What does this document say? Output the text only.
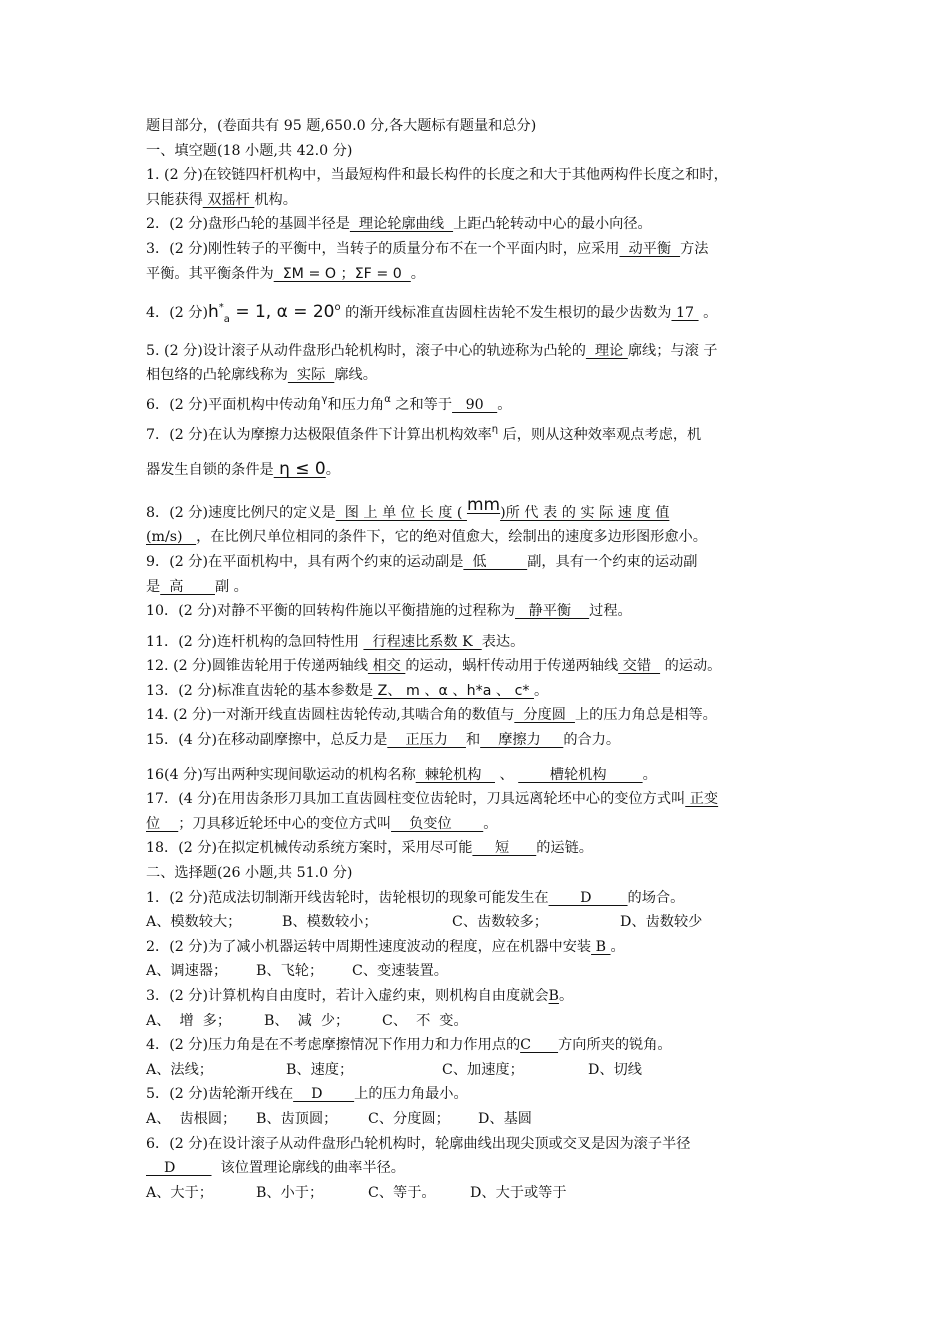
题目部分，(卷面共有 95 题,650.0 分,各大题标有题量和总分)
一、填空题(18 小题,共 42.0 分)
1. (2 分)在铰链四杆机构中，当最短构件和最长构件的长度之和大于其他两构件长度之和时，
只能获得 双摇杆 机构。
2．(2 分)盘形凸轮的基圆半径是  理论轮廓曲线  上距凸轮转动中心的最小向径。
3．(2 分)刚性转子的平衡中，当转子的质量分布不在一个平面内时，应采用  动平衡  方法
平衡。其平衡条件为  ΣM = O ；ΣF = 0  。
4．(2 分)$h^*_a = 1$, $\alpha = 20^o$ 的渐开线标准直齿圆柱齿轮不发生根切的最少齿数为 17  。
5. (2 分)设计滚子从动件盘形凸轮机构时，滚子中心的轨迹称为凸轮的  理论 廓线；与滚 子
相包络的凸轮廓线称为  实际  廓线。
6．(2 分)平面机构中传动角$^\gamma$和压力角$^\alpha$ 之和等于   90   。
7．(2 分)在认为摩擦力达极限值条件下计算出机构效率$^\eta$ 后，则从这种效率观点考虑，机
器发生自锁的条件是 η ≤ 0。
8．(2 分)速度比例尺的定义是  图 上 单 位 长 度 ( mm)所 代 表 的 实 际 速 度 值
(m/s)   ，在比例尺单位相同的条件下，它的绝对值愈大，绘制出的速度多边形图形愈小。
9．(2 分)在平面机构中，具有两个约束的运动副是  低         副，具有一个约束的运动副
是  高       副 。
10．(2 分)对静不平衡的回转构件施以平衡措施的过程称为   静平衡    过程。
11．(2 分)连杆机构的急回特性用   行程速比系数 K  表达。
12. (2 分)圆锥齿轮用于传递两轴线 相交 的运动，蜗杆传动用于传递两轴线 交错   的运动。
13．(2 分)标准直齿轮的基本参数是 Z、 m 、α 、h*a 、 c* 。
14. (2 分)一对渐开线直齿圆柱齿轮传动,其啮合角的数值与  分度圆  上的压力角总是相等。
15．(4 分)在移动副摩擦中，总反力是    正压力    和    摩擦力     的合力。
16(4 分)写出两种实现间歇运动的机构名称  棘轮机构    、        槽轮机构        。
17．(4 分)在用齿条形刀具加工直齿圆柱变位齿轮时，刀具远离轮坯中心的变位方式叫 正变
位    ；刀具移近轮坯中心的变位方式叫    负变位       。
18．(2 分)在拟定机械传动系统方案时，采用尽可能     短      的运链。
二、选择题(26 小题,共 51.0 分)
1．(2 分)范成法切制渐开线齿轮时，齿轮根切的现象可能发生在       D        的场合。
A、模数较大；	B、模数较小；	C、齿数较多；	D、齿数较少
2．(2 分)为了减小机器运转中周期性速度波动的程度，应在机器中安装 B 。
A、调速器； B、飞轮； C、变速装置。
3．(2 分)计算机构自由度时，若计入虚约束，则机构自由度就会B。
A、  增  多； B、  减  少； C、  不  变。
4．(2 分)压力角是在不考虑摩擦情况下作用力和力作用点的C      方向所夹的锐角。
A、法线；	B、速度；	C、加速度；	D、切线
5．(2 分)齿轮渐开线在    D       上的压力角最小。
A、  齿根圆； B、齿顶圆； C、分度圆； D、基圆
6．(2 分)在设计滚子从动件盘形凸轮机构时，轮廓曲线出现尖顶或交叉是因为滚子半径
D          该位置理论廓线的曲率半径。
A、大于；	B、小于；	C、等于。 D、大于或等于
